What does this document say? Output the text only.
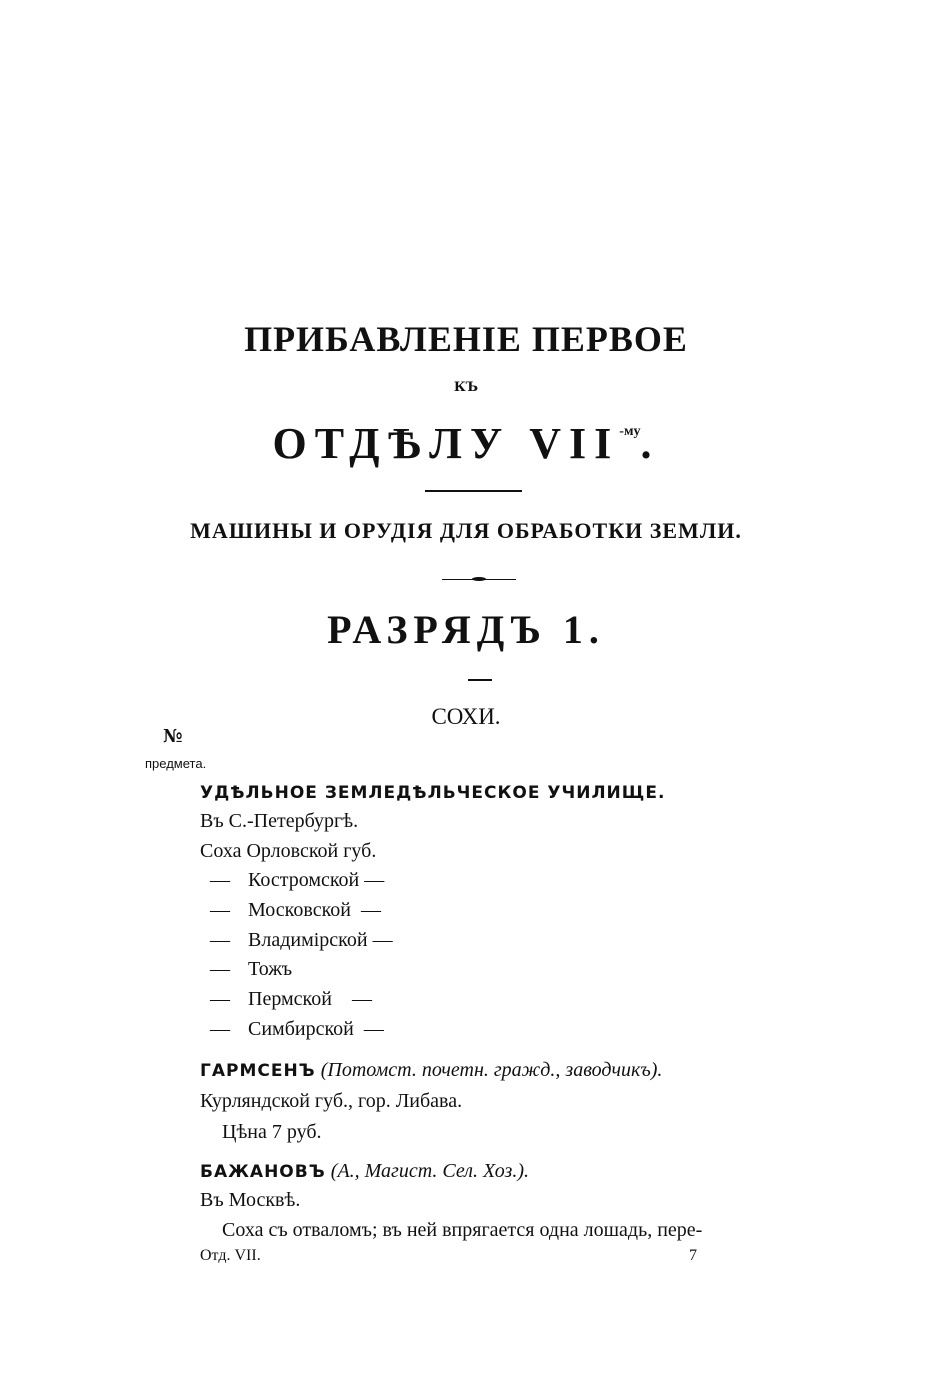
ПРИБАВЛЕНІЕ ПЕРВОЕ
КЪ
ОТДѢЛУ $VII^{-му}$.
МАШИНЫ И ОРУДІЯ ДЛЯ ОБРАБОТКИ ЗЕМЛИ.
РАЗРЯДЪ 1.
СОХИ.
№
предмета.
УДѢЛЬНОЕ ЗЕМЛЕДѢЛЬЧЕСКОЕ УЧИЛИЩЕ.
Въ С.-Петербургѣ.
Соха Орловской губ.
— Костромской —
— Московской —
— Владимірской —
— Тожъ
— Пермской —
— Симбирской —
ГАРМСЕНЪ (Потомст. почетн. гражд., заводчикъ).
Курляндской губ., гор. Либава.
Цѣна 7 руб.
БАЖАНОВЪ (А., Магист. Сел. Хоз.).
Въ Москвѣ.
Соха съ отваломъ; въ ней впрягается одна лошадь, пере-
Отд. VII.	7
